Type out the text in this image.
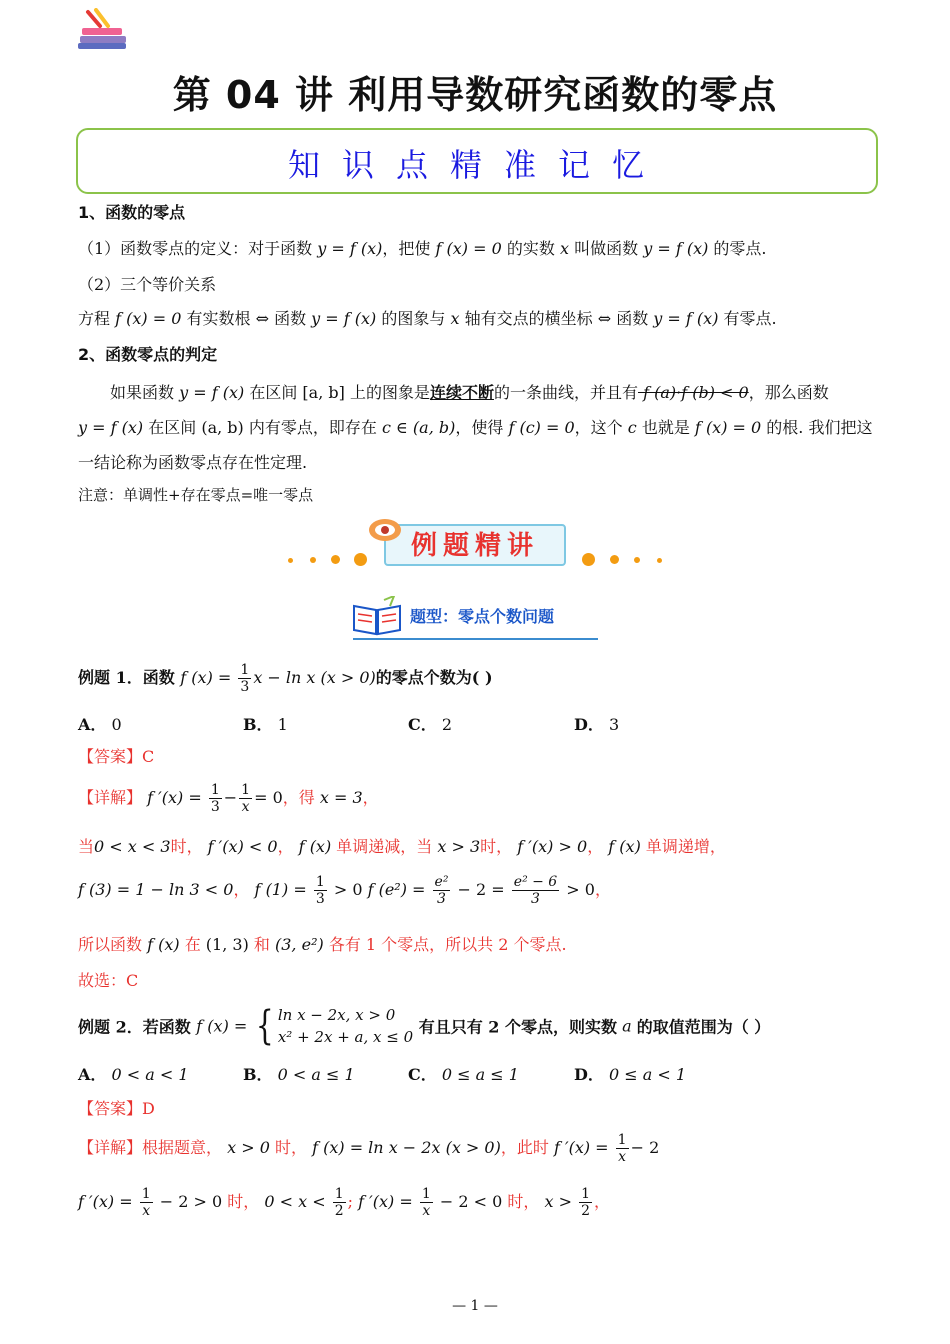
第 04 讲 利用导数研究函数的零点
知识点精准记忆
1、函数的零点
（1）函数零点的定义：对于函数 y = f (x)，把使 f (x) = 0 的实数 x 叫做函数 y = f (x) 的零点.
（2）三个等价关系
方程 f (x) = 0 有实数根 ⇔ 函数 y = f (x) 的图象与 x 轴有交点的横坐标 ⇔ 函数 y = f (x) 有零点.
2、函数零点的判定
如果函数 y = f (x) 在区间 [a, b] 上的图象是连续不断的一条曲线，并且有 f (a)·f (b) < 0，那么函数
y = f (x) 在区间 (a, b) 内有零点，即存在 c ∈ (a, b)，使得 f (c) = 0，这个 c 也就是 f (x) = 0 的根. 我们把这
一结论称为函数零点存在性定理.
注意：单调性+存在零点=唯一零点
例题精讲
题型：零点个数问题
例题 1．函数 f $(x) = \frac{1}{3}$ x − ln x (x > 0)的零点个数为( )
A． 0	B． 1	C． 2	D． 3
【答案】C
【详解】 f $'(x) = \frac{1}{3} - \frac{1}{x} = 0$，得 x = 3，
当0 < x < 3时， f ′(x) < 0， f (x) 单调递减，当 x > 3时， f ′(x) > 0， f (x) 单调递增，
f (3) = 1 − ln 3 < 0， f $(1) = \frac{1}{3} > 0$ f $(e^2) = \frac{\text{e²}}{3} - 2 = \frac{\text{e² − 6}}{3} > 0$，
所以函数 f (x) 在 (1, 3) 和 (3, e²) 各有 1 个零点，所以共 2 个零点.
故选：C
例题 2．若函数 f (x) = { ln x − 2x, x > 0
x² + 2x + a, x ≤ 0 有且只有 2 个零点，则实数 a 的取值范围为（ ）
A． 0 < a < 1	B． 0 < a ≤ 1	C． 0 ≤ a ≤ 1	D． 0 ≤ a < 1
【答案】D
【详解】根据题意， x > 0 时， f (x) = ln x − 2x (x > 0)，此时 f $'(x) = \frac{1}{x} - 2$
f $'(x) = \frac{1}{x} - 2 > 0$ 时， $0 < x < \frac{1}{2}$ ; f $'(x) = \frac{1}{x} - 2 < 0$ 时， $x > \frac{1}{2}$ ，
— 1 —
